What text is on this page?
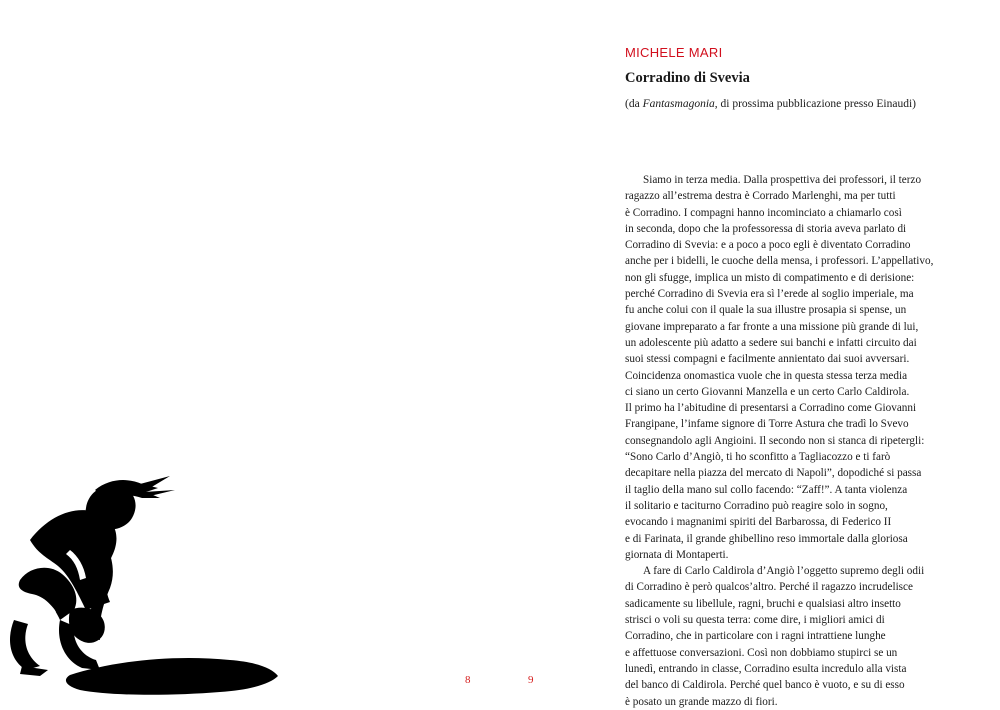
8	9
MICHELE MARI
Corradino di Svevia
(da Fantasmagonia, di prossima pubblicazione presso Einaudi)
Siamo in terza media. Dalla prospettiva dei professori, il terzo
ragazzo all’estrema destra è Corrado Marlenghi, ma per tutti
è Corradino. I compagni hanno incominciato a chiamarlo così
in seconda, dopo che la professoressa di storia aveva parlato di
Corradino di Svevia: e a poco a poco egli è diventato Corradino
anche per i bidelli, le cuoche della mensa, i professori. L’appellativo,
non gli sfugge, implica un misto di compatimento e di derisione:
perché Corradino di Svevia era sì l’erede al soglio imperiale, ma
fu anche colui con il quale la sua illustre prosapia si spense, un
giovane impreparato a far fronte a una missione più grande di lui,
un adolescente più adatto a sedere sui banchi e infatti circuito dai
suoi stessi compagni e facilmente annientato dai suoi avversari.
Coincidenza onomastica vuole che in questa stessa terza media
ci siano un certo Giovanni Manzella e un certo Carlo Caldirola.
Il primo ha l’abitudine di presentarsi a Corradino come Giovanni
Frangipane, l’infame signore di Torre Astura che tradì lo Svevo
consegnandolo agli Angioini. Il secondo non si stanca di ripetergli:
“Sono Carlo d’Angiò, ti ho sconfitto a Tagliacozzo e ti farò
decapitare nella piazza del mercato di Napoli”, dopodiché si passa
il taglio della mano sul collo facendo: “Zaff!”. A tanta violenza
il solitario e taciturno Corradino può reagire solo in sogno,
evocando i magnanimi spiriti del Barbarossa, di Federico II
e di Farinata, il grande ghibellino reso immortale dalla gloriosa
giornata di Montaperti.
A fare di Carlo Caldirola d’Angiò l’oggetto supremo degli odii
di Corradino è però qualcos’altro. Perché il ragazzo incrudelisce
sadicamente su libellule, ragni, bruchi e qualsiasi altro insetto
strisci o voli su questa terra: come dire, i migliori amici di
Corradino, che in particolare con i ragni intrattiene lunghe
e affettuose conversazioni. Così non dobbiamo stupirci se un
lunedì, entrando in classe, Corradino esulta incredulo alla vista
del banco di Caldirola. Perché quel banco è vuoto, e su di esso
è posato un grande mazzo di fiori.
